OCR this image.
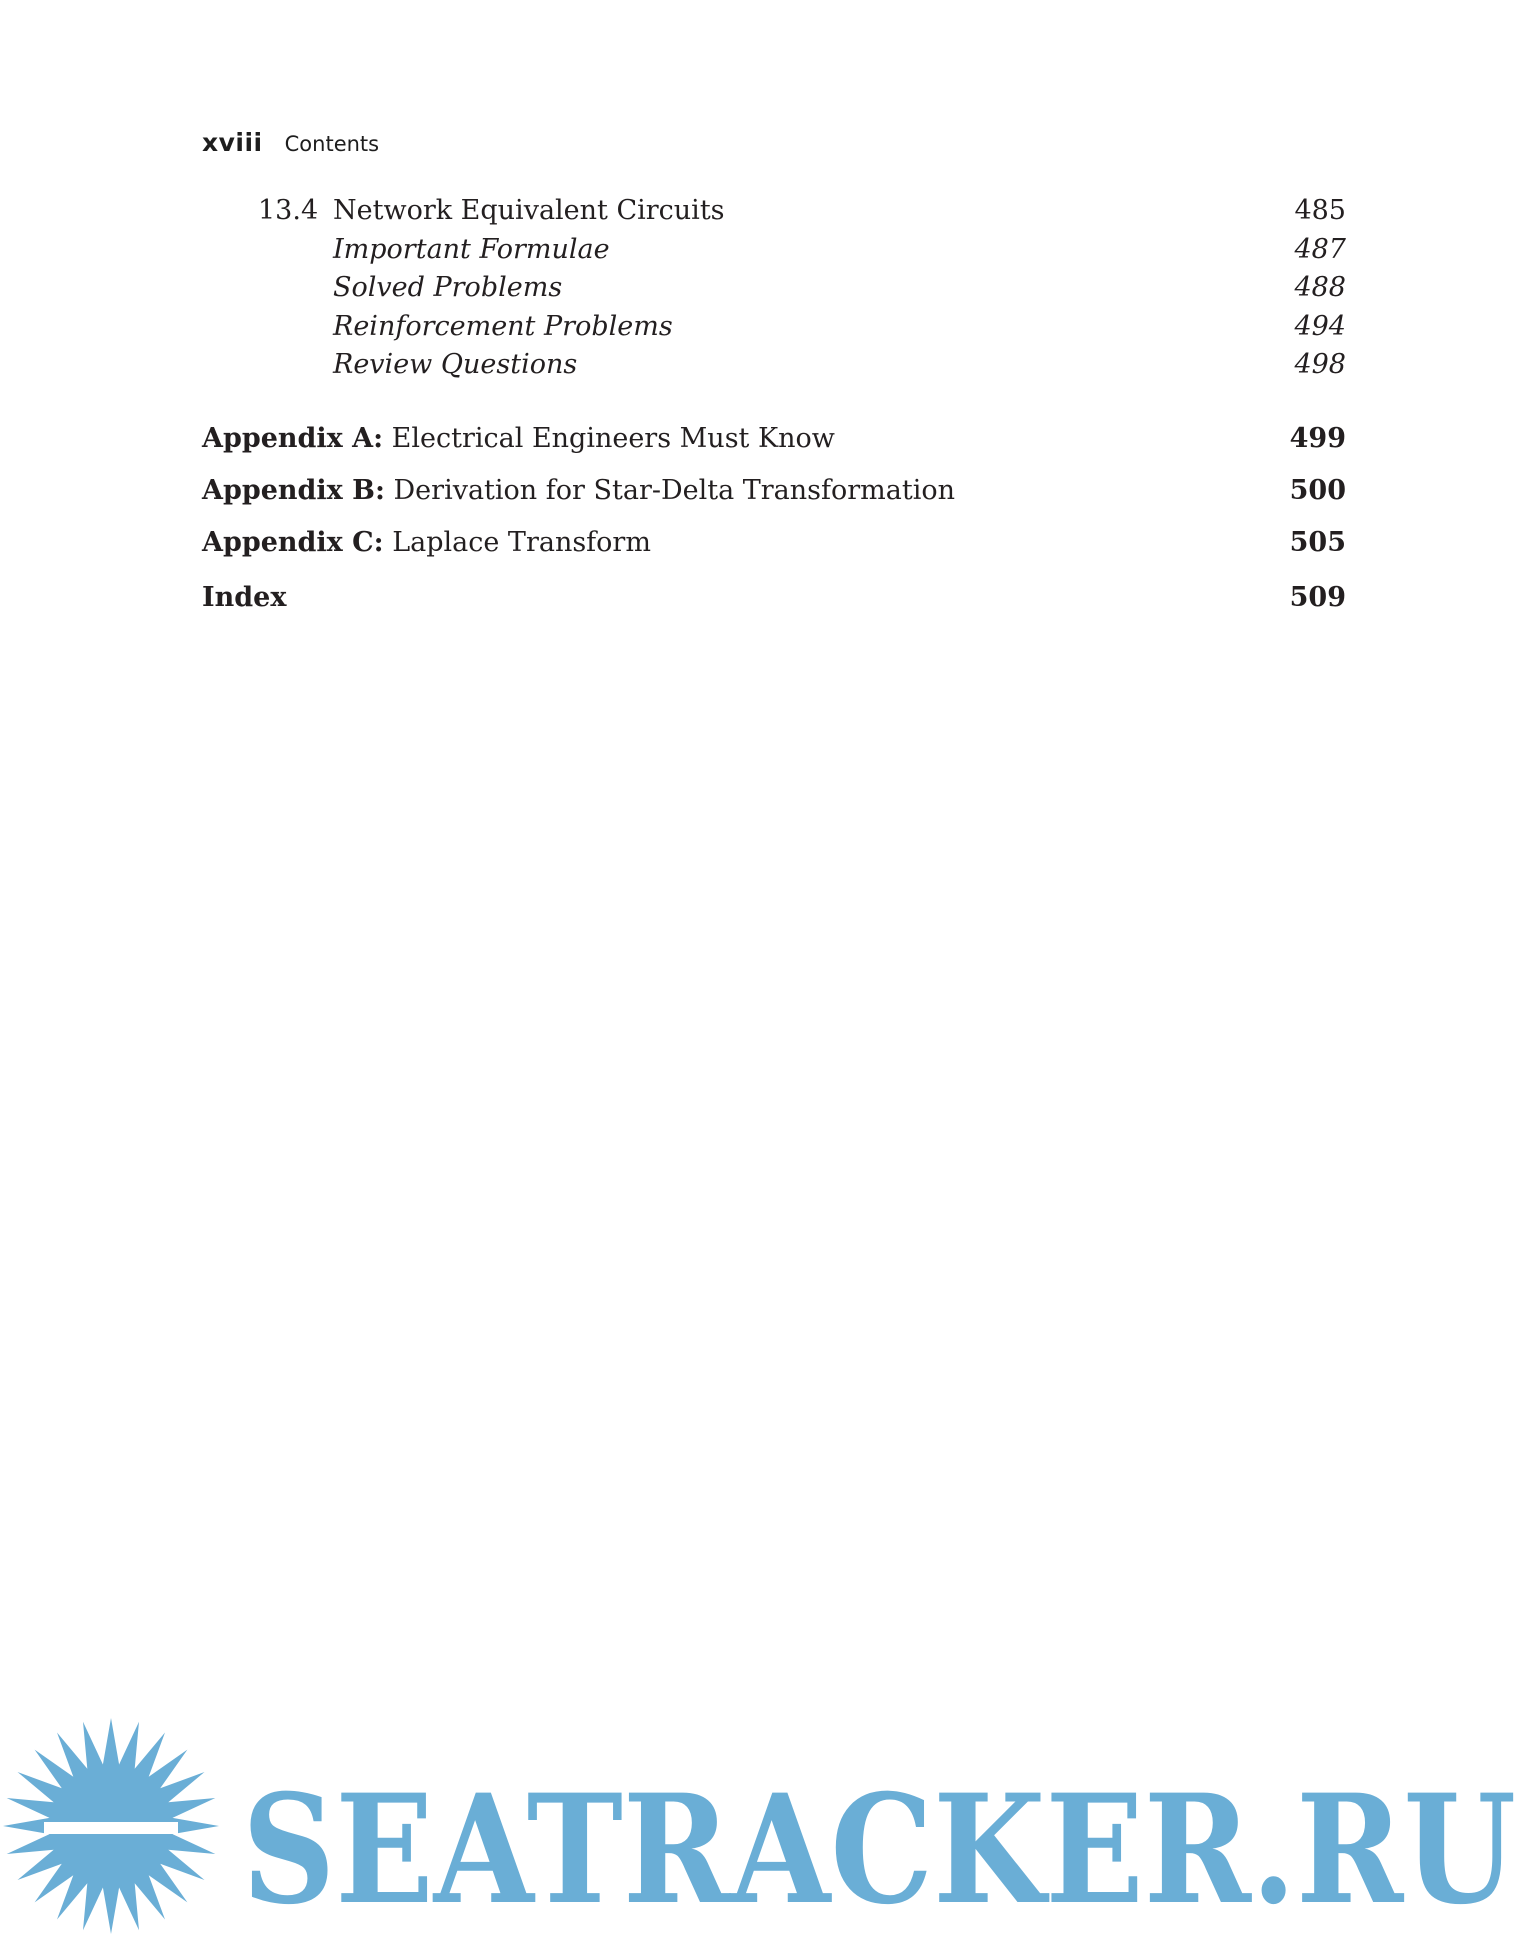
xviii Contents
13.4 Network Equivalent Circuits	485
Important Formulae	487
Solved Problems	488
Reinforcement Problems	494
Review Questions	498
Appendix A: Electrical Engineers Must Know	499
Appendix B: Derivation for Star-Delta Transformation	500
Appendix C: Laplace Transform	505
Index	509
SEATRACKER.RU
